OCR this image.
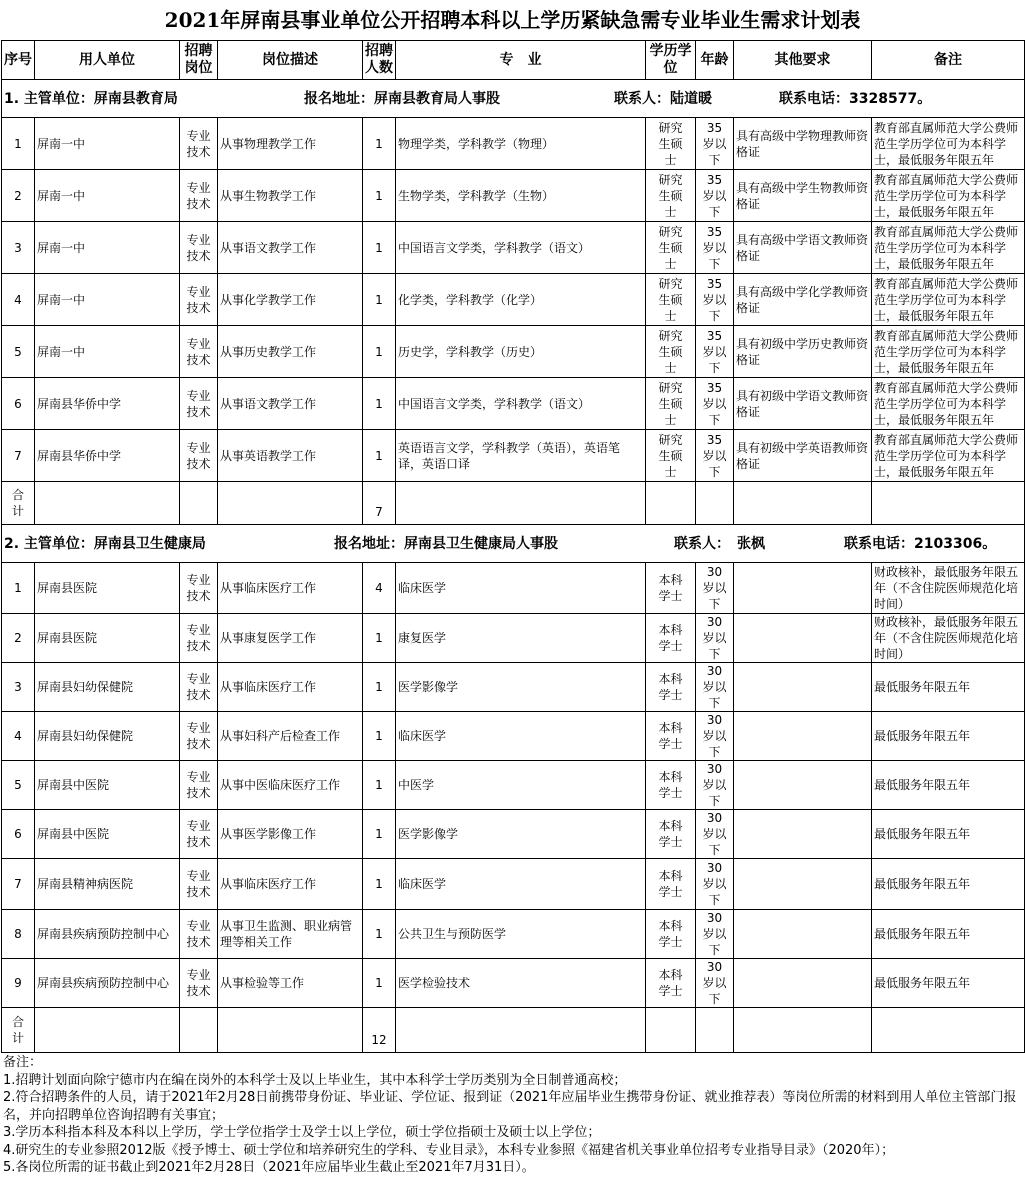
2021年屏南县事业单位公开招聘本科以上学历紧缺急需专业毕业生需求计划表
序号	用人单位	招聘岗位	岗位描述	招聘人数	专　业	学历学位	年龄	其他要求	备注
1. 主管单位：屏南县教育局 报名地址：屏南县教育局人事股 联系人：陆道暖 联系电话：3328577。									
1	屏南一中	专业技术	从事物理教学工作	1	物理学类，学科教学（物理）	研究生硕士	35岁以下	具有高级中学物理教师资格证	教育部直属师范大学公费师范生学历学位可为本科学士，最低服务年限五年
2	屏南一中	专业技术	从事生物教学工作	1	生物学类，学科教学（生物）	研究生硕士	35岁以下	具有高级中学生物教师资格证	教育部直属师范大学公费师范生学历学位可为本科学士，最低服务年限五年
3	屏南一中	专业技术	从事语文教学工作	1	中国语言文学类，学科教学（语文）	研究生硕士	35岁以下	具有高级中学语文教师资格证	教育部直属师范大学公费师范生学历学位可为本科学士，最低服务年限五年
4	屏南一中	专业技术	从事化学教学工作	1	化学类，学科教学（化学）	研究生硕士	35岁以下	具有高级中学化学教师资格证	教育部直属师范大学公费师范生学历学位可为本科学士，最低服务年限五年
5	屏南一中	专业技术	从事历史教学工作	1	历史学，学科教学（历史）	研究生硕士	35岁以下	具有初级中学历史教师资格证	教育部直属师范大学公费师范生学历学位可为本科学士，最低服务年限五年
6	屏南县华侨中学	专业技术	从事语文教学工作	1	中国语言文学类，学科教学（语文）	研究生硕士	35岁以下	具有初级中学语文教师资格证	教育部直属师范大学公费师范生学历学位可为本科学士，最低服务年限五年
7	屏南县华侨中学	专业技术	从事英语教学工作	1	英语语言文学，学科教学（英语），英语笔译，英语口译	研究生硕士	35岁以下	具有初级中学英语教师资格证	教育部直属师范大学公费师范生学历学位可为本科学士，最低服务年限五年

合计				7					
2. 主管单位：屏南县卫生健康局 报名地址：屏南县卫生健康局人事股 联系人：　张枫 联系电话：2103306。									
1	屏南县医院	专业技术	从事临床医疗工作	4	临床医学	本科学士	30岁以下		财政核补，最低服务年限五年（不含住院医师规范化培时间）
2	屏南县医院	专业技术	从事康复医学工作	1	康复医学	本科学士	30岁以下		财政核补，最低服务年限五年（不含住院医师规范化培时间）
3	屏南县妇幼保健院	专业技术	从事临床医疗工作	1	医学影像学	本科学士	30岁以下		最低服务年限五年
4	屏南县妇幼保健院	专业技术	从事妇科产后检查工作	1	临床医学	本科学士	30岁以下		最低服务年限五年
5	屏南县中医院	专业技术	从事中医临床医疗工作	1	中医学	本科学士	30岁以下		最低服务年限五年
6	屏南县中医院	专业技术	从事医学影像工作	1	医学影像学	本科学士	30岁以下		最低服务年限五年
7	屏南县精神病医院	专业技术	从事临床医疗工作	1	临床医学	本科学士	30岁以下		最低服务年限五年
8	屏南县疾病预防控制中心	专业技术	从事卫生监测、职业病管理等相关工作	1	公共卫生与预防医学	本科学士	30岁以下		最低服务年限五年
9	屏南县疾病预防控制中心	专业技术	从事检验等工作	1	医学检验技术	本科学士	30岁以下		最低服务年限五年

合计				12					
备注：
1.招聘计划面向除宁德市内在编在岗外的本科学士及以上毕业生，其中本科学士学历类别为全日制普通高校；
2.符合招聘条件的人员，请于2021年2月28日前携带身份证、毕业证、学位证、报到证（2021年应届毕业生携带身份证、就业推荐表）等岗位所需的材料到用人单位主管部门报名，并向招聘单位咨询招聘有关事宜；
3.学历本科指本科及本科以上学历，学士学位指学士及学士以上学位，硕士学位指硕士及硕士以上学位；
4.研究生的专业参照2012版《授予博士、硕士学位和培养研究生的学科、专业目录》，本科专业参照《福建省机关事业单位招考专业指导目录》（2020年）；
5.各岗位所需的证书截止到2021年2月28日（2021年应届毕业生截止至2021年7月31日）。
